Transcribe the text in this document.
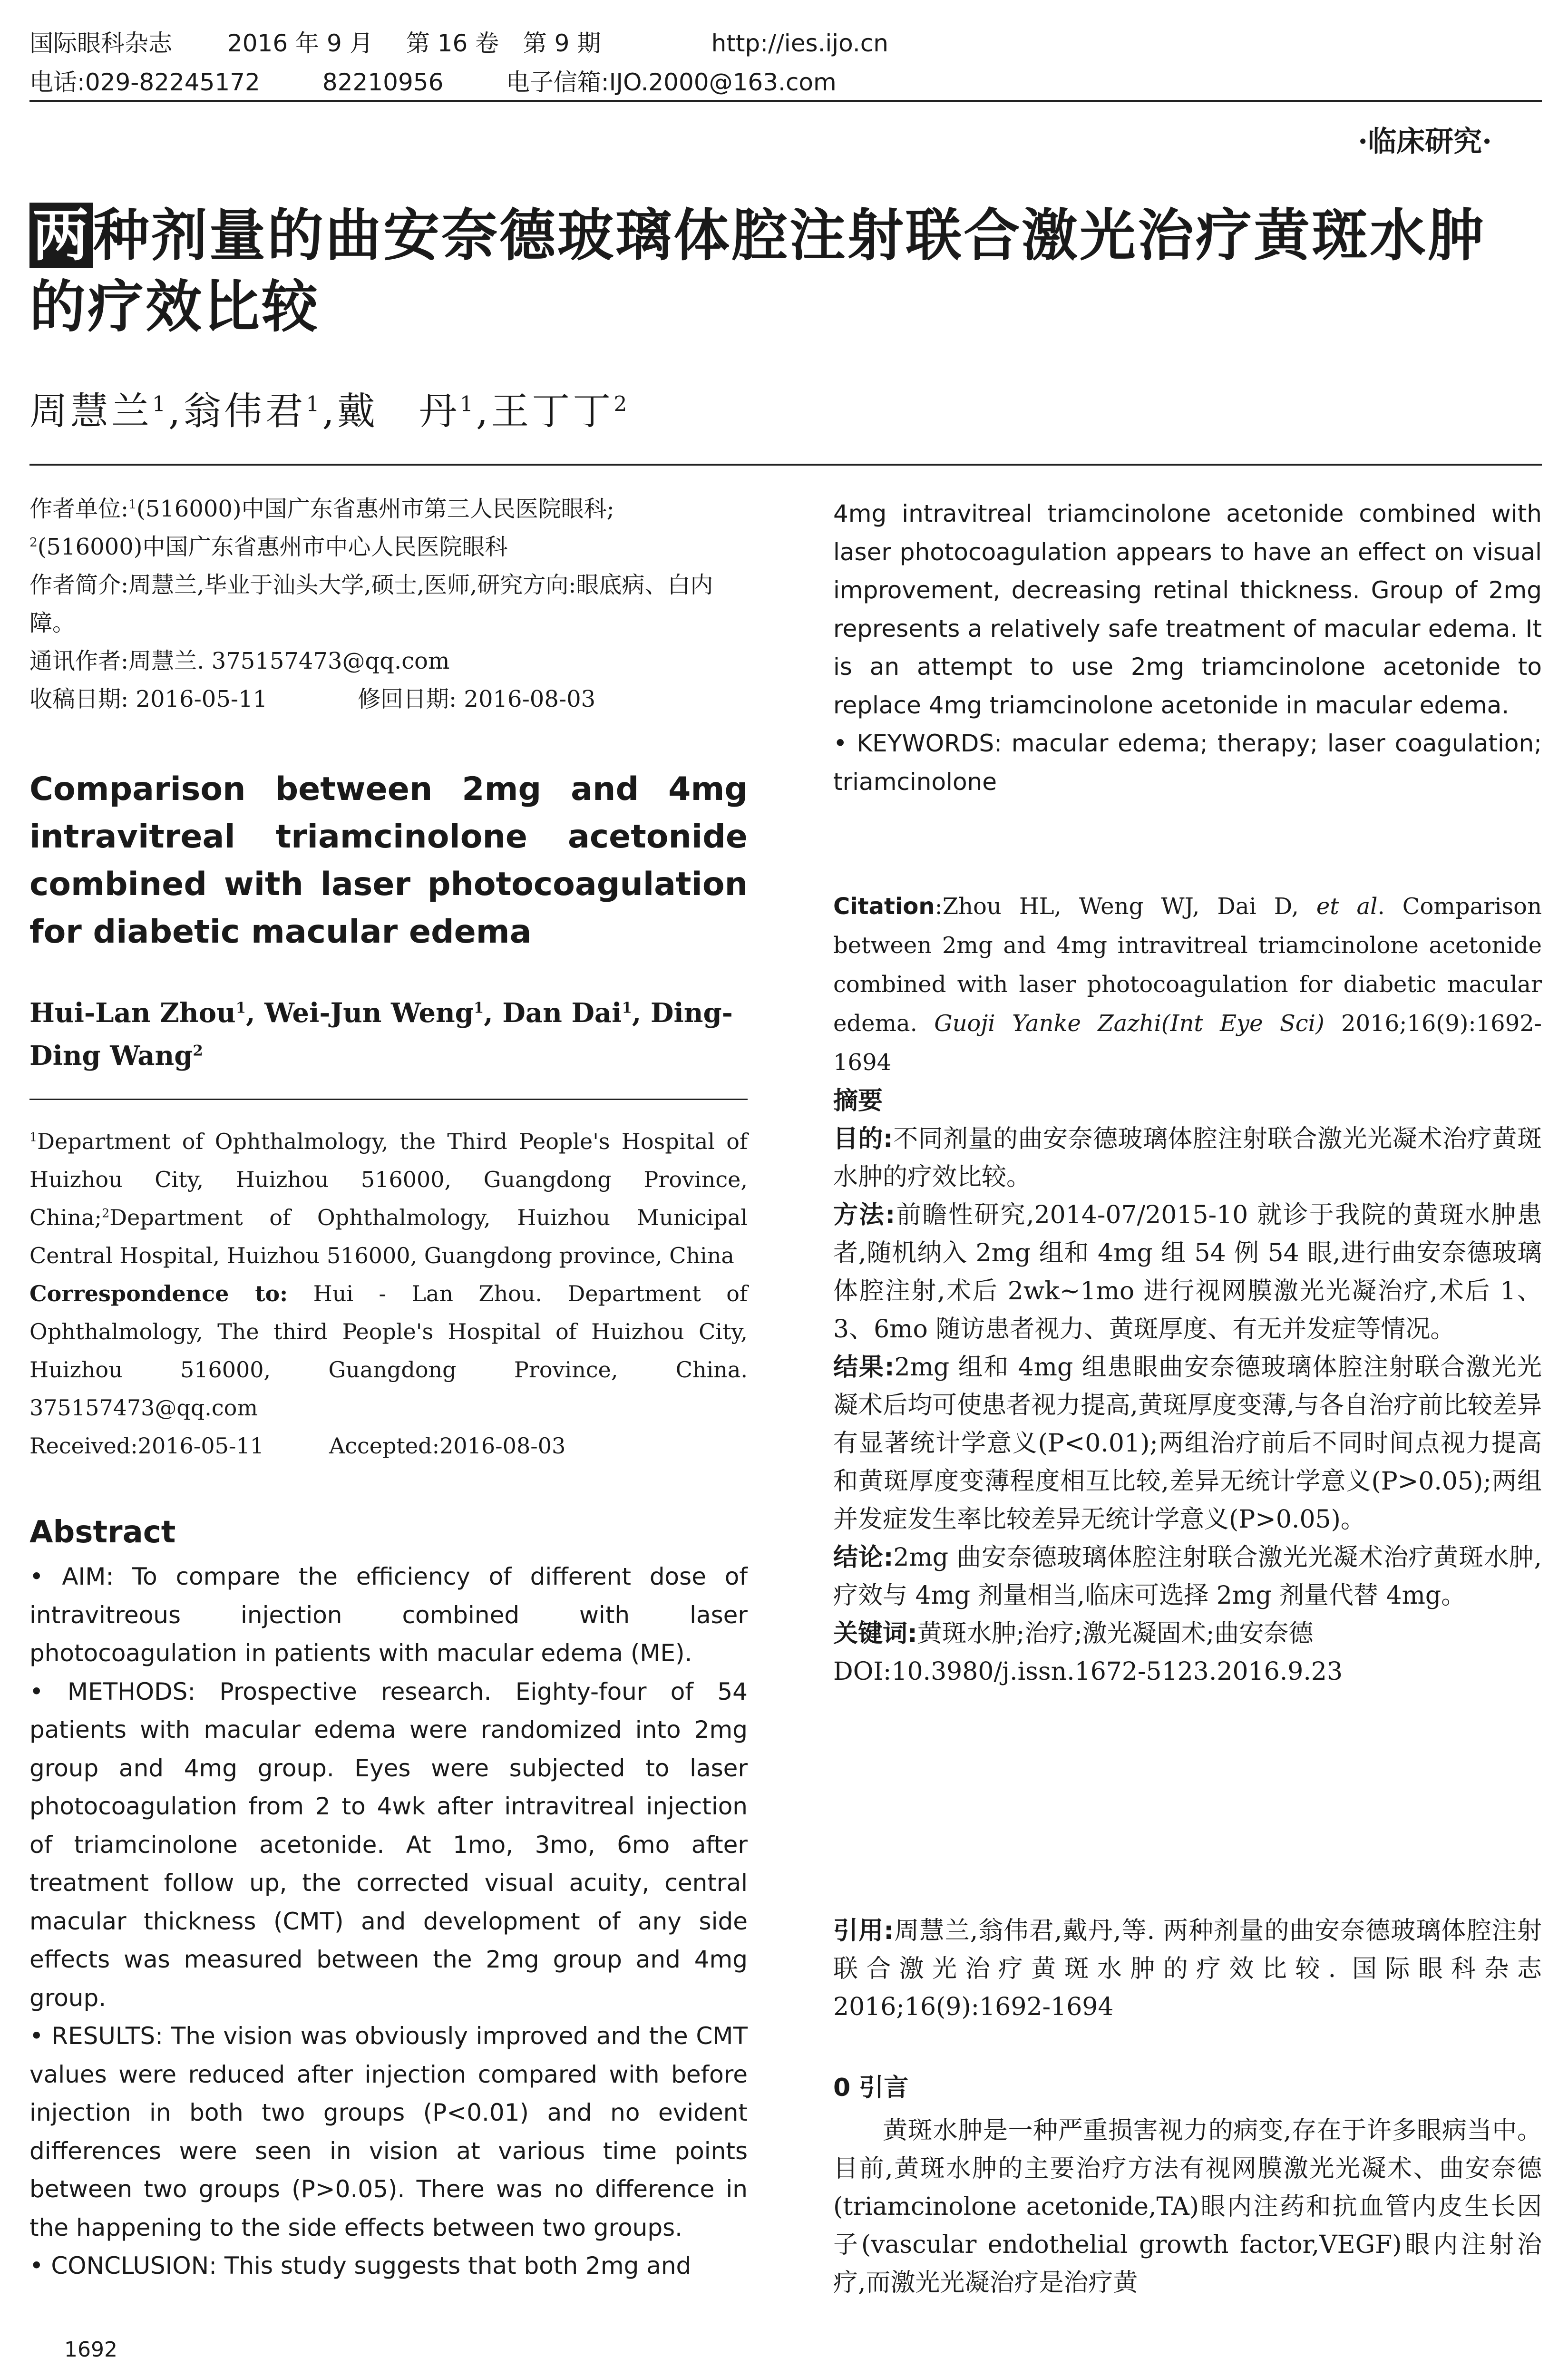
国际眼科杂志 2016 年 9 月 第 16 卷 第 9 期	http://ies.ijo.cn
电话:029-82245172	82210956	电子信箱:IJO.2000@163.com
·临床研究·
两种剂量的曲安奈德玻璃体腔注射联合激光治疗黄斑水肿的疗效比较
周慧兰$^1$,翁伟君$^1$,戴　丹$^1$,王丁丁$^2$
作者单位:$^1$(516000)中国广东省惠州市第三人民医院眼科;
$^2$(516000)中国广东省惠州市中心人民医院眼科
作者简介:周慧兰,毕业于汕头大学,硕士,医师,研究方向:眼底病、白内障。
通讯作者:周慧兰. 375157473@qq.com
收稿日期: 2016-05-11	修回日期: 2016-08-03
Comparison between 2mg and 4mg intravitreal triamcinolone acetonide combined with laser photocoagulation for diabetic macular edema
Hui-Lan Zhou$^1$, Wei-Jun Weng$^1$, Dan Dai$^1$, Ding-Ding Wang$^2$
$^1$Department of Ophthalmology, the Third People's Hospital of Huizhou City, Huizhou 516000, Guangdong Province, China;$^2$Department of Ophthalmology, Huizhou Municipal Central Hospital, Huizhou 516000, Guangdong province, China
Correspondence to: Hui - Lan Zhou. Department of Ophthalmology, The third People's Hospital of Huizhou City, Huizhou 516000, Guangdong Province, China. 375157473@qq.com
Received:2016-05-11	Accepted:2016-08-03
Abstract
• AIM: To compare the efficiency of different dose of intravitreous injection combined with laser photocoagulation in patients with macular edema (ME).
• METHODS: Prospective research. Eighty-four of 54 patients with macular edema were randomized into 2mg group and 4mg group. Eyes were subjected to laser photocoagulation from 2 to 4wk after intravitreal injection of triamcinolone acetonide. At 1mo, 3mo, 6mo after treatment follow up, the corrected visual acuity, central macular thickness (CMT) and development of any side effects was measured between the 2mg group and 4mg group.
• RESULTS: The vision was obviously improved and the CMT values were reduced after injection compared with before injection in both two groups (P<0.01) and no evident differences were seen in vision at various time points between two groups (P>0.05). There was no difference in the happening to the side effects between two groups.
• CONCLUSION: This study suggests that both 2mg and
4mg intravitreal triamcinolone acetonide combined with laser photocoagulation appears to have an effect on visual improvement, decreasing retinal thickness. Group of 2mg represents a relatively safe treatment of macular edema. It is an attempt to use 2mg triamcinolone acetonide to replace 4mg triamcinolone acetonide in macular edema.
• KEYWORDS: macular edema; therapy; laser coagulation; triamcinolone
Citation:Zhou HL, Weng WJ, Dai D, et al. Comparison between 2mg and 4mg intravitreal triamcinolone acetonide combined with laser photocoagulation for diabetic macular edema. Guoji Yanke Zazhi(Int Eye Sci) 2016;16(9):1692-1694
摘要
目的:不同剂量的曲安奈德玻璃体腔注射联合激光光凝术治疗黄斑水肿的疗效比较。
方法:前瞻性研究,2014-07/2015-10 就诊于我院的黄斑水肿患者,随机纳入 2mg 组和 4mg 组 54 例 54 眼,进行曲安奈德玻璃体腔注射,术后 2wk~1mo 进行视网膜激光光凝治疗,术后 1、3、6mo 随访患者视力、黄斑厚度、有无并发症等情况。
结果:2mg 组和 4mg 组患眼曲安奈德玻璃体腔注射联合激光光凝术后均可使患者视力提高,黄斑厚度变薄,与各自治疗前比较差异有显著统计学意义(P<0.01);两组治疗前后不同时间点视力提高和黄斑厚度变薄程度相互比较,差异无统计学意义(P>0.05);两组并发症发生率比较差异无统计学意义(P>0.05)。
结论:2mg 曲安奈德玻璃体腔注射联合激光光凝术治疗黄斑水肿,疗效与 4mg 剂量相当,临床可选择 2mg 剂量代替 4mg。
关键词:黄斑水肿;治疗;激光凝固术;曲安奈德
DOI:10.3980/j.issn.1672-5123.2016.9.23
引用:周慧兰,翁伟君,戴丹,等. 两种剂量的曲安奈德玻璃体腔注射联合激光治疗黄斑水肿的疗效比较. 国际眼科杂志 2016;16(9):1692-1694
0 引言
黄斑水肿是一种严重损害视力的病变,存在于许多眼病当中。目前,黄斑水肿的主要治疗方法有视网膜激光光凝术、曲安奈德(triamcinolone acetonide,TA)眼内注药和抗血管内皮生长因子(vascular endothelial growth factor,VEGF)眼内注射治疗,而激光光凝治疗是治疗黄
1692
